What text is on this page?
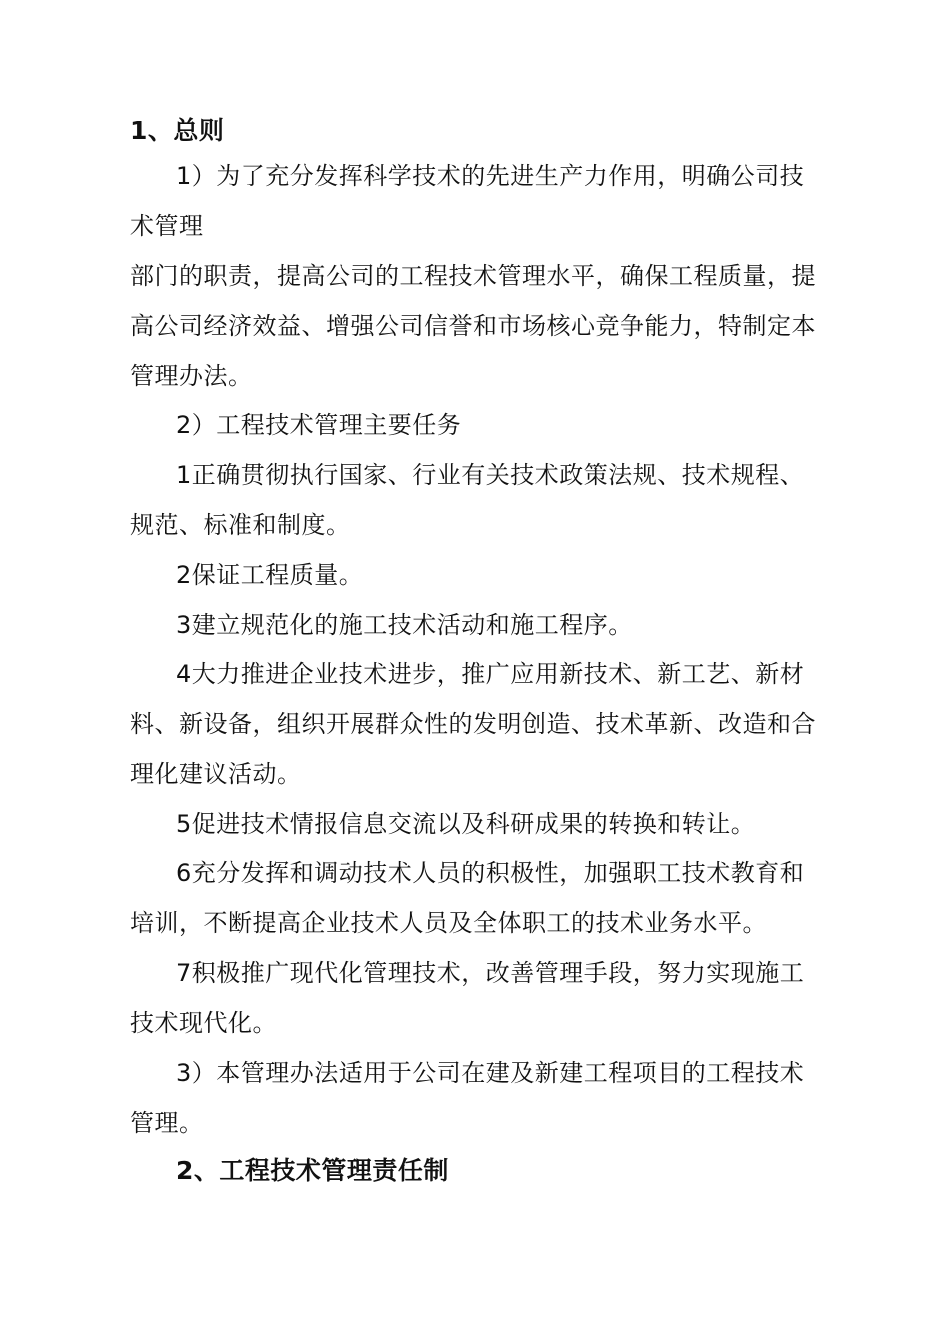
1、总则
1）为了充分发挥科学技术的先进生产力作用，明确公司技
术管理
部门的职责，提高公司的工程技术管理水平，确保工程质量，提
高公司经济效益、增强公司信誉和市场核心竞争能力，特制定本
管理办法。
2）工程技术管理主要任务
1正确贯彻执行国家、行业有关技术政策法规、技术规程、
规范、标准和制度。
2保证工程质量。
3建立规范化的施工技术活动和施工程序。
4大力推进企业技术进步，推广应用新技术、新工艺、新材
料、新设备，组织开展群众性的发明创造、技术革新、改造和合
理化建议活动。
5促进技术情报信息交流以及科研成果的转换和转让。
6充分发挥和调动技术人员的积极性，加强职工技术教育和
培训，不断提高企业技术人员及全体职工的技术业务水平。
7积极推广现代化管理技术，改善管理手段，努力实现施工
技术现代化。
3）本管理办法适用于公司在建及新建工程项目的工程技术
管理。
2、工程技术管理责任制
